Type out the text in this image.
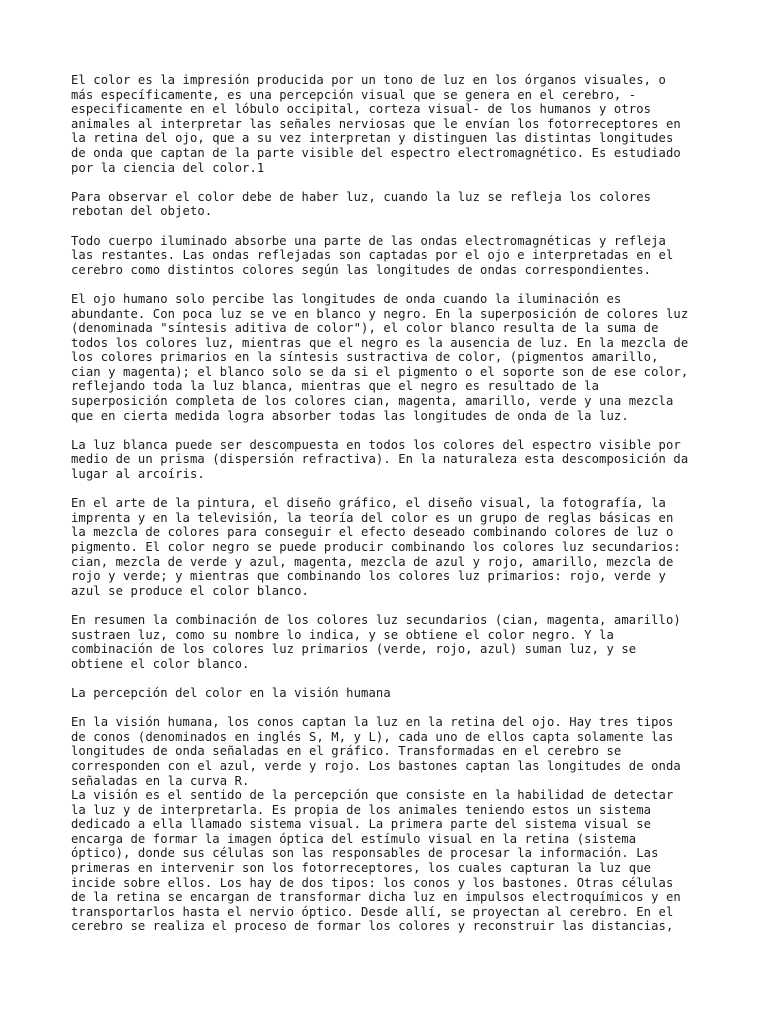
El color es la impresión producida por un tono de luz en los órganos visuales, o
más específicamente, es una percepción visual que se genera en el cerebro, -
especificamente en el lóbulo occipital, corteza visual- de los humanos y otros
animales al interpretar las señales nerviosas que le envían los fotorreceptores en
la retina del ojo, que a su vez interpretan y distinguen las distintas longitudes
de onda que captan de la parte visible del espectro electromagnético. Es estudiado
por la ciencia del color.1

Para observar el color debe de haber luz, cuando la luz se refleja los colores
rebotan del objeto.

Todo cuerpo iluminado absorbe una parte de las ondas electromagnéticas y refleja
las restantes. Las ondas reflejadas son captadas por el ojo e interpretadas en el
cerebro como distintos colores según las longitudes de ondas correspondientes.

El ojo humano solo percibe las longitudes de onda cuando la iluminación es
abundante. Con poca luz se ve en blanco y negro. En la superposición de colores luz
(denominada "síntesis aditiva de color"), el color blanco resulta de la suma de
todos los colores luz, mientras que el negro es la ausencia de luz. En la mezcla de
los colores primarios en la síntesis sustractiva de color, (pigmentos amarillo,
cian y magenta); el blanco solo se da si el pigmento o el soporte son de ese color,
reflejando toda la luz blanca, mientras que el negro es resultado de la
superposición completa de los colores cian, magenta, amarillo, verde y una mezcla
que en cierta medida logra absorber todas las longitudes de onda de la luz.

La luz blanca puede ser descompuesta en todos los colores del espectro visible por
medio de un prisma (dispersión refractiva). En la naturaleza esta descomposición da
lugar al arcoíris.

En el arte de la pintura, el diseño gráfico, el diseño visual, la fotografía, la
imprenta y en la televisión, la teoría del color es un grupo de reglas básicas en
la mezcla de colores para conseguir el efecto deseado combinando colores de luz o
pigmento. El color negro se puede producir combinando los colores luz secundarios:
cian, mezcla de verde y azul, magenta, mezcla de azul y rojo, amarillo, mezcla de
rojo y verde; y mientras que combinando los colores luz primarios: rojo, verde y
azul se produce el color blanco.

En resumen la combinación de los colores luz secundarios (cian, magenta, amarillo)
sustraen luz, como su nombre lo indica, y se obtiene el color negro. Y la
combinación de los colores luz primarios (verde, rojo, azul) suman luz, y se
obtiene el color blanco.

La percepción del color en la visión humana

En la visión humana, los conos captan la luz en la retina del ojo. Hay tres tipos
de conos (denominados en inglés S, M, y L), cada uno de ellos capta solamente las
longitudes de onda señaladas en el gráfico. Transformadas en el cerebro se
corresponden con el azul, verde y rojo. Los bastones captan las longitudes de onda
señaladas en la curva R.

La visión es el sentido de la percepción que consiste en la habilidad de detectar
la luz y de interpretarla. Es propia de los animales teniendo estos un sistema
dedicado a ella llamado sistema visual. La primera parte del sistema visual se
encarga de formar la imagen óptica del estímulo visual en la retina (sistema
óptico), donde sus células son las responsables de procesar la información. Las
primeras en intervenir son los fotorreceptores, los cuales capturan la luz que
incide sobre ellos. Los hay de dos tipos: los conos y los bastones. Otras células
de la retina se encargan de transformar dicha luz en impulsos electroquímicos y en
transportarlos hasta el nervio óptico. Desde allí, se proyectan al cerebro. En el
cerebro se realiza el proceso de formar los colores y reconstruir las distancias,
